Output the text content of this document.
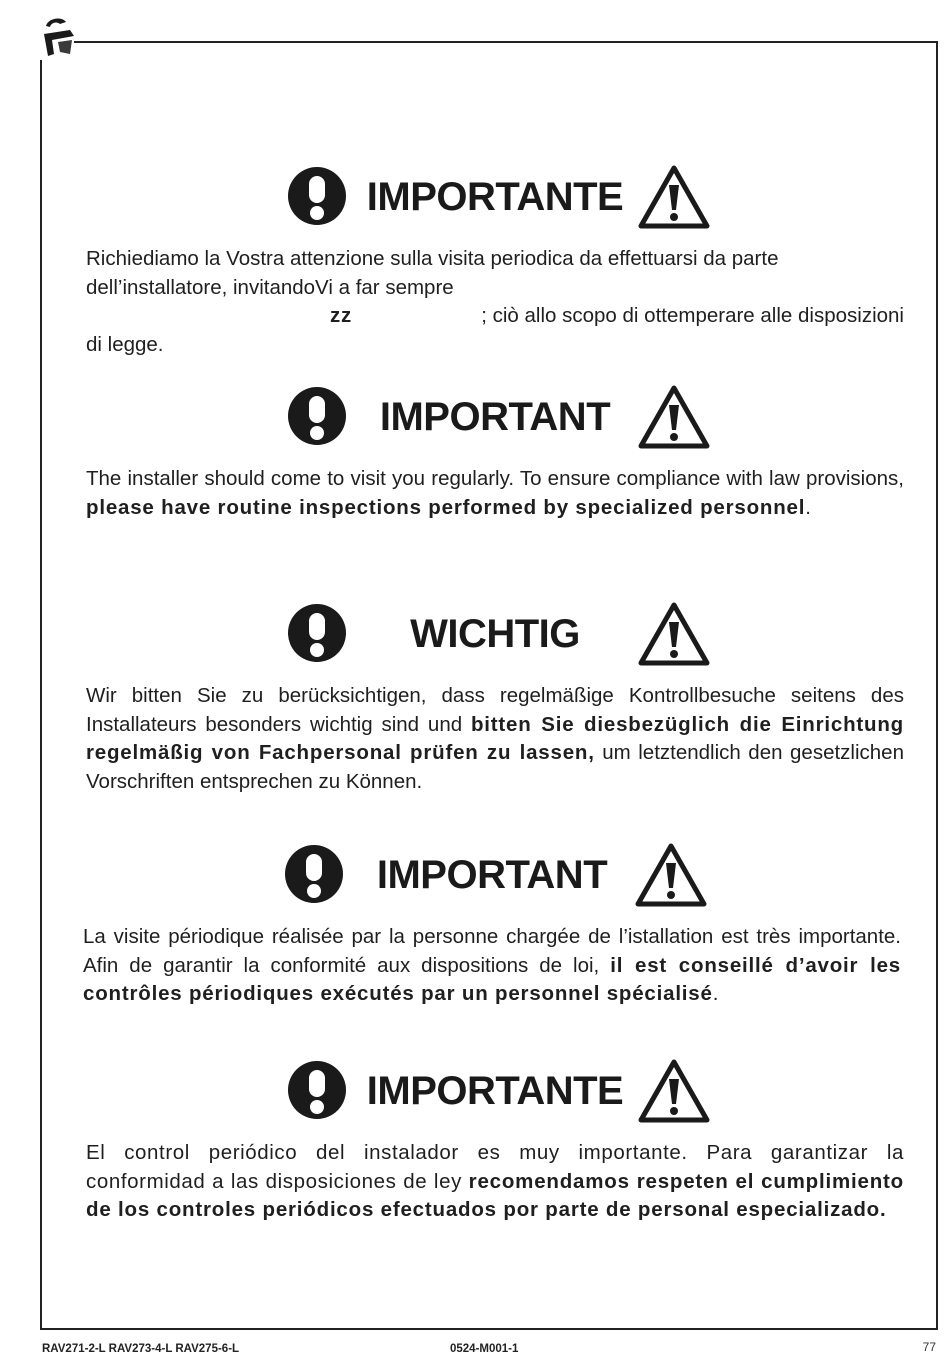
IMPORTANTE
Richiediamo la Vostra attenzione sulla visita periodica da effettuarsi da parte
dell’installatore, invitandoVi a far sempre
zz	; ciò allo scopo di ottemperare alle disposizioni
di legge.
IMPORTANT

The installer should come to visit you regularly. To ensure compliance with law provisions, please have routine inspections performed by specialized personnel.

WICHTIG

Wir bitten Sie zu berücksichtigen, dass regelmäßige Kontrollbesuche seitens des Installateurs besonders wichtig sind und bitten Sie diesbezüglich die Einrichtung regelmäßig von Fachpersonal prüfen zu lassen, um letztendlich den gesetzlichen Vorschriften entsprechen zu Können.

IMPORTANT

La visite périodique réalisée par la personne chargée de l’istallation est très importante. Afin de garantir la conformité aux dispositions de loi, il est conseillé d’avoir les contrôles périodiques exécutés par un personnel spécialisé.

IMPORTANTE

El control periódico del instalador es muy importante. Para garantizar la conformidad a las disposiciones de ley recomendamos respeten el cumplimiento de los controles periódicos efectuados por parte de personal especializado.

RAV271-2-L RAV273-4-L RAV275-6-L	0524-M001-1	77
